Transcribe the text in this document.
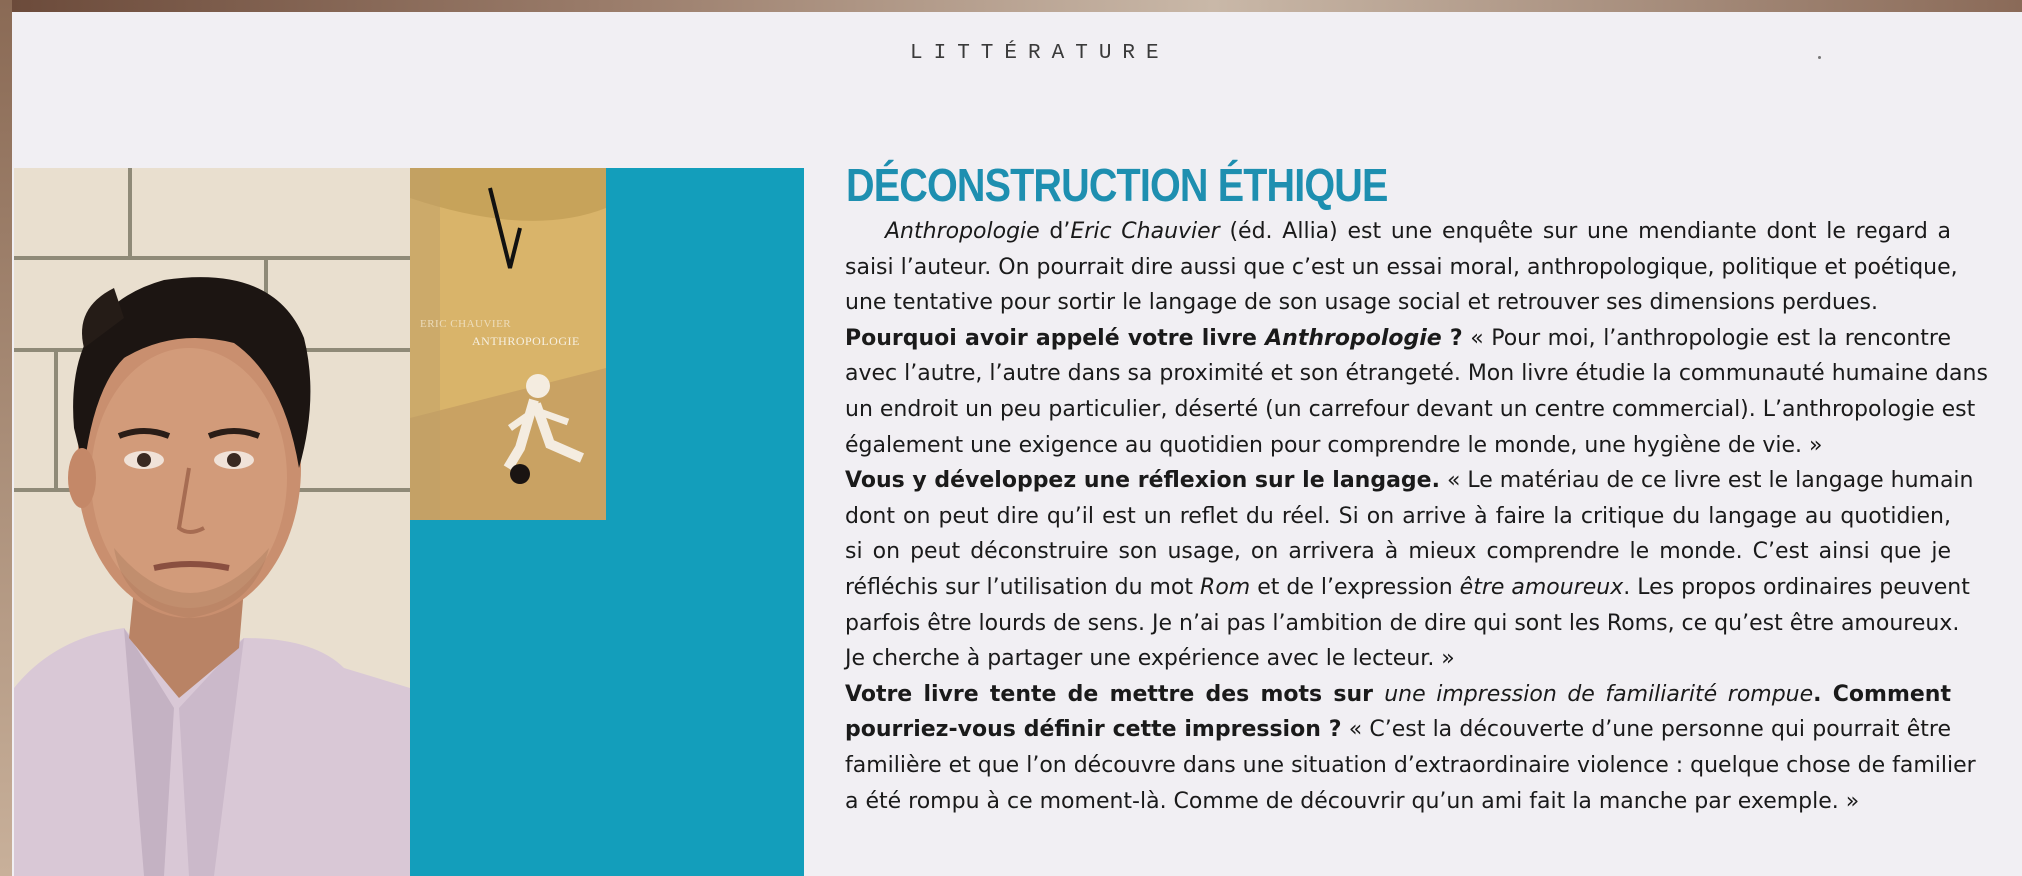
LITTÉRATURE
ERIC CHAUVIER
ANTHROPOLOGIE
DÉCONSTRUCTION ÉTHIQUE
Anthropologie d’Eric Chauvier (éd. Allia) est une enquête sur une mendiante dont le regard a
saisi l’auteur. On pourrait dire aussi que c’est un essai moral, anthropologique, politique et poétique,
une tentative pour sortir le langage de son usage social et retrouver ses dimensions perdues.
Pourquoi avoir appelé votre livre Anthropologie ? « Pour moi, l’anthropologie est la rencontre
avec l’autre, l’autre dans sa proximité et son étrangeté. Mon livre étudie la communauté humaine dans
un endroit un peu particulier, déserté (un carrefour devant un centre commercial). L’anthropologie est
également une exigence au quotidien pour comprendre le monde, une hygiène de vie. »
Vous y développez une réflexion sur le langage. « Le matériau de ce livre est le langage humain
dont on peut dire qu’il est un reflet du réel. Si on arrive à faire la critique du langage au quotidien,
si on peut déconstruire son usage, on arrivera à mieux comprendre le monde. C’est ainsi que je
réfléchis sur l’utilisation du mot Rom et de l’expression être amoureux. Les propos ordinaires peuvent
parfois être lourds de sens. Je n’ai pas l’ambition de dire qui sont les Roms, ce qu’est être amoureux.
Je cherche à partager une expérience avec le lecteur. »
Votre livre tente de mettre des mots sur une impression de familiarité rompue. Comment
pourriez-vous définir cette impression ? « C’est la découverte d’une personne qui pourrait être
familière et que l’on découvre dans une situation d’extraordinaire violence : quelque chose de familier
a été rompu à ce moment-là. Comme de découvrir qu’un ami fait la manche par exemple. »
